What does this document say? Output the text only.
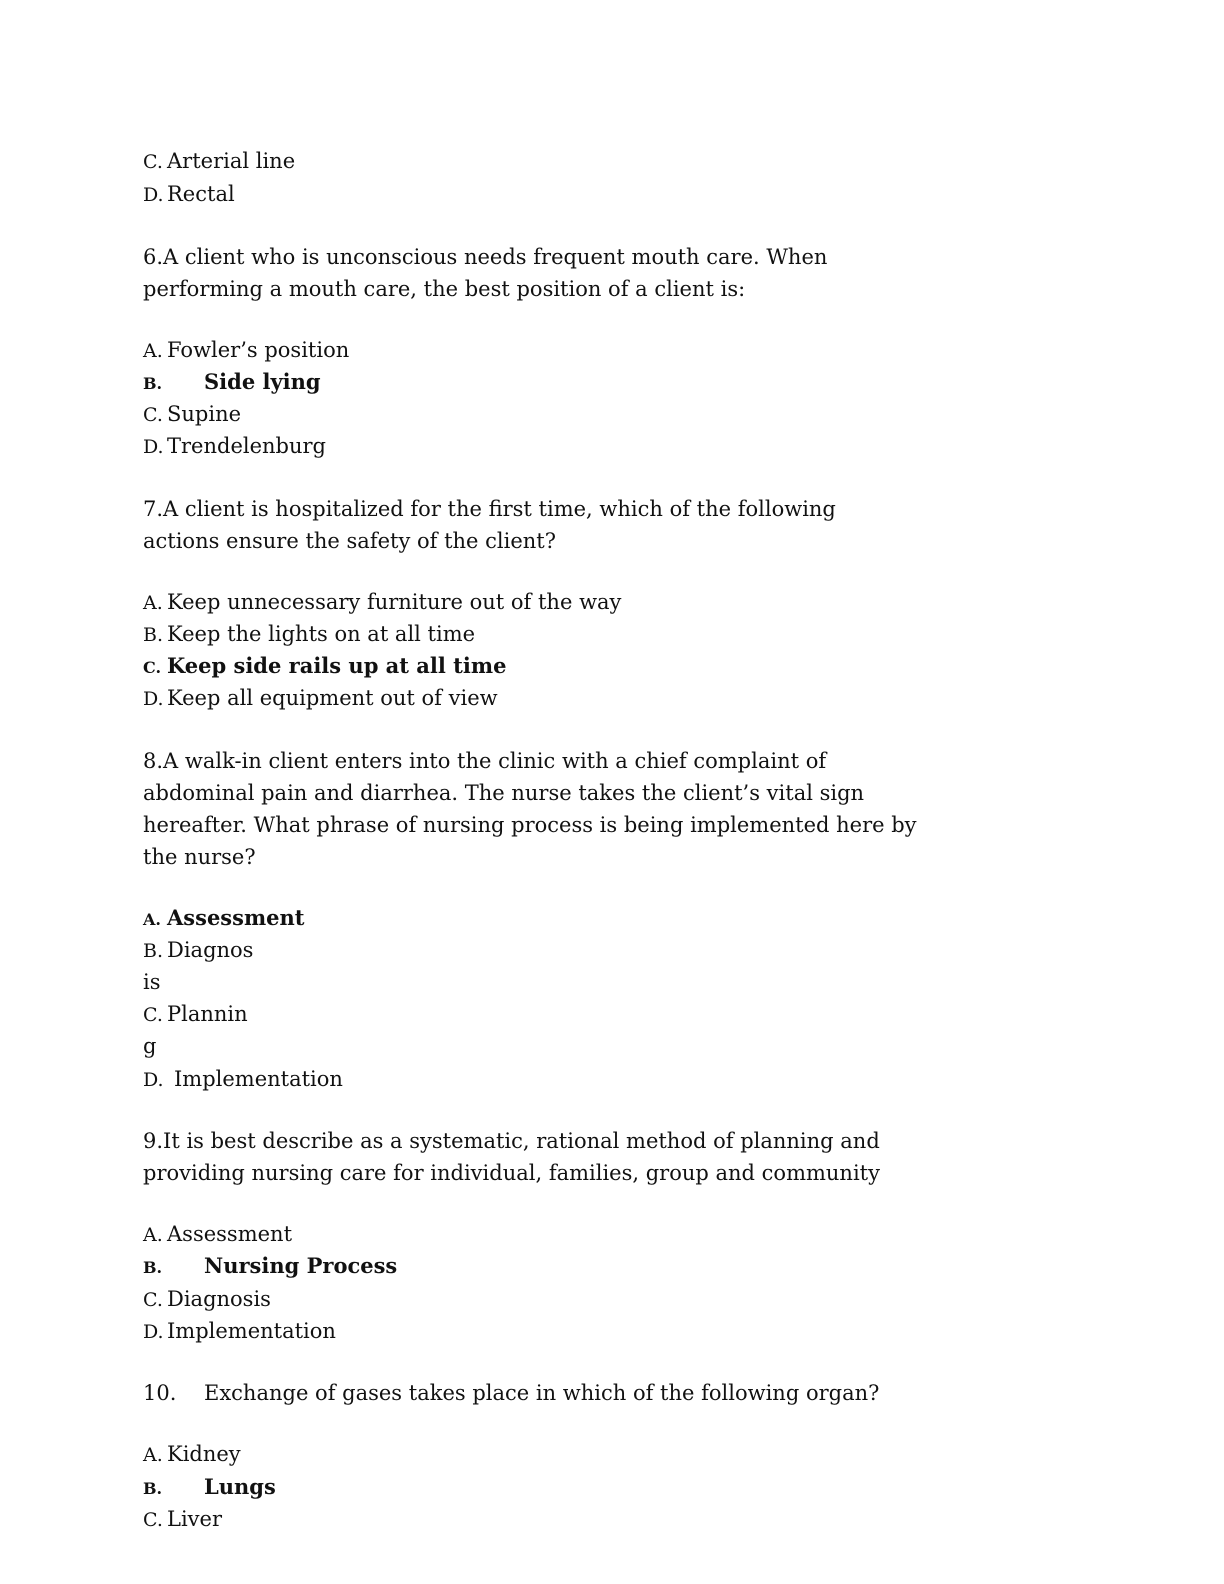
C. Arterial line
D. Rectal
6.A client who is unconscious needs frequent mouth care. When
performing a mouth care, the best position of a client is:
A. Fowler’s position
B. Side lying
C. Supine
D. Trendelenburg
7.A client is hospitalized for the first time, which of the following
actions ensure the safety of the client?
A. Keep unnecessary furniture out of the way
B. Keep the lights on at all time
C. Keep side rails up at all time
D. Keep all equipment out of view
8.A walk-in client enters into the clinic with a chief complaint of
abdominal pain and diarrhea. The nurse takes the client’s vital sign
hereafter. What phrase of nursing process is being implemented here by
the nurse?
A. Assessment
B. Diagnos
is
C. Plannin
g
D. Implementation
9.It is best describe as a systematic, rational method of planning and
providing nursing care for individual, families, group and community
A. Assessment
B. Nursing Process
C. Diagnosis
D. Implementation
10. Exchange of gases takes place in which of the following organ?
A. Kidney
B. Lungs
C. Liver
